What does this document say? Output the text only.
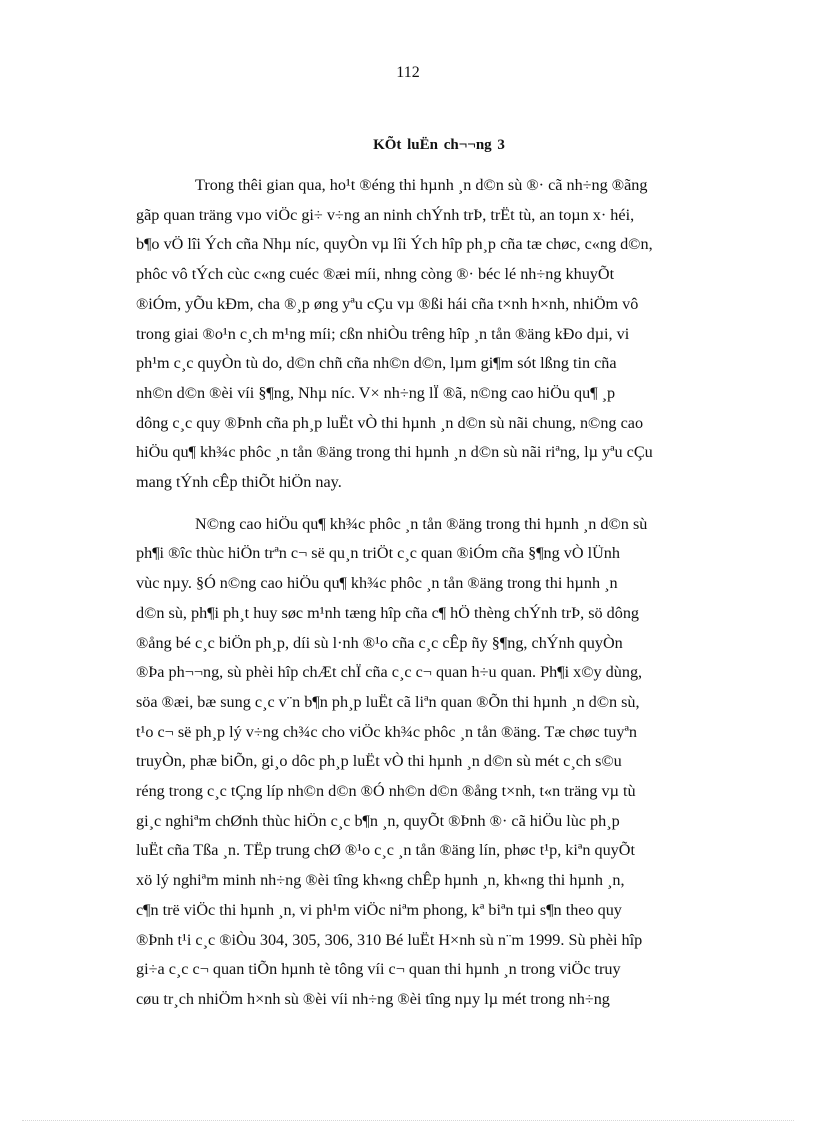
112
KÕt luËn ch¬¬ng 3

Trong thêi gian qua, ho¹t ®éng thi hµnh ¸n d©n sù ®· cã nh÷ng ®ãng
gãp quan träng vµo viÖc gi÷ v÷ng an ninh chÝnh trÞ, trËt tù, an toµn x· héi,
b¶o vÖ lîi Ých cña Nhµ níc, quyÒn vµ lîi Ých hîp ph¸p cña tæ chøc, c«ng d©n,
phôc vô tÝch cùc c«ng cuéc ®æi míi, nhng còng ®· béc lé nh÷ng khuyÕt
®iÓm, yÕu kÐm, cha ®¸p øng yªu cÇu vµ ®ßi hái cña t×nh h×nh, nhiÖm vô
trong giai ®o¹n c¸ch m¹ng míi; cßn nhiÒu trêng hîp ¸n tån ®äng kÐo dµi, vi
ph¹m c¸c quyÒn tù do, d©n chñ cña nh©n d©n, lµm gi¶m sót lßng tin cña
nh©n d©n ®èi víi §¶ng, Nhµ níc. V× nh÷ng lÏ ®ã, n©ng cao hiÖu qu¶ ¸p
dông c¸c quy ®Þnh cña ph¸p luËt vÒ thi hµnh ¸n d©n sù nãi chung, n©ng cao
hiÖu qu¶ kh¾c phôc ¸n tån ®äng trong thi hµnh ¸n d©n sù nãi riªng, lµ yªu cÇu
mang tÝnh cÊp thiÕt hiÖn nay.

N©ng cao hiÖu qu¶ kh¾c phôc ¸n tån ®äng trong thi hµnh ¸n d©n sù
ph¶i ®îc thùc hiÖn trªn c¬ së qu¸n triÖt c¸c quan ®iÓm cña §¶ng vÒ lÜnh
vùc nµy. §Ó n©ng cao hiÖu qu¶ kh¾c phôc ¸n tån ®äng trong thi hµnh ¸n
d©n sù, ph¶i ph¸t huy søc m¹nh tæng hîp cña c¶ hÖ thèng chÝnh trÞ, sö dông
®ång bé c¸c biÖn ph¸p, díi sù l·nh ®¹o cña c¸c cÊp ñy §¶ng, chÝnh quyÒn
®Þa ph¬¬ng, sù phèi hîp chÆt chÏ cña c¸c c¬ quan h÷u quan. Ph¶i x©y dùng,
söa ®æi, bæ sung c¸c v¨n b¶n ph¸p luËt cã liªn quan ®Õn thi hµnh ¸n d©n sù,
t¹o c¬ së ph¸p lý v÷ng ch¾c cho viÖc kh¾c phôc ¸n tån ®äng. Tæ chøc tuyªn
truyÒn, phæ biÕn, gi¸o dôc ph¸p luËt vÒ thi hµnh ¸n d©n sù mét c¸ch s©u
réng trong c¸c tÇng líp nh©n d©n ®Ó nh©n d©n ®ång t×nh, t«n träng vµ tù
gi¸c nghiªm chØnh thùc hiÖn c¸c b¶n ¸n, quyÕt ®Þnh ®· cã hiÖu lùc ph¸p
luËt cña Tßa ¸n. TËp trung chØ ®¹o c¸c ¸n tån ®äng lín, phøc t¹p, kiªn quyÕt
xö lý nghiªm minh nh÷ng ®èi tîng kh«ng chÊp hµnh ¸n, kh«ng thi hµnh ¸n,
c¶n trë viÖc thi hµnh ¸n, vi ph¹m viÖc niªm phong, kª biªn tµi s¶n theo quy
®Þnh t¹i c¸c ®iÒu 304, 305, 306, 310 Bé luËt H×nh sù n¨m 1999. Sù phèi hîp
gi÷a c¸c c¬ quan tiÕn hµnh tè tông víi c¬ quan thi hµnh ¸n trong viÖc truy
cøu tr¸ch nhiÖm h×nh sù ®èi víi nh÷ng ®èi tîng nµy lµ mét trong nh÷ng
